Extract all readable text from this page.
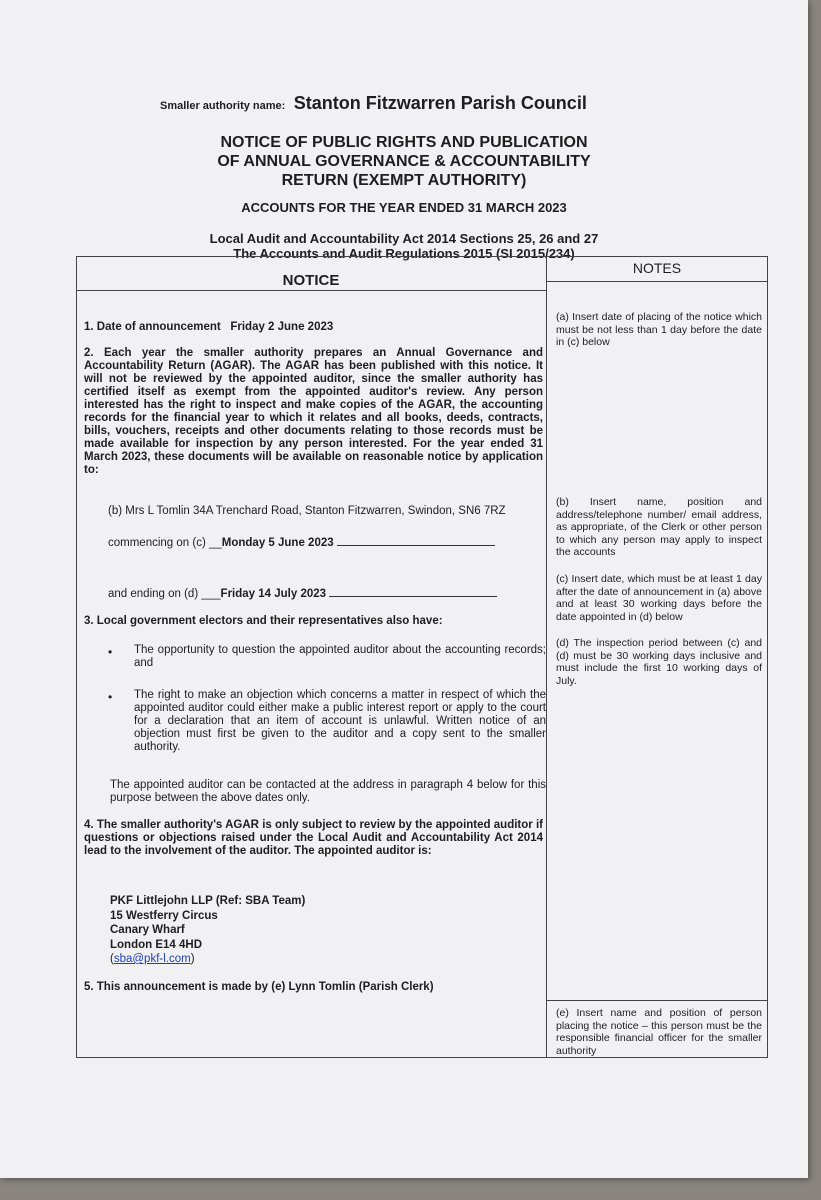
Smaller authority name: Stanton Fitzwarren Parish Council
NOTICE OF PUBLIC RIGHTS AND PUBLICATION
OF ANNUAL GOVERNANCE & ACCOUNTABILITY
RETURN (EXEMPT AUTHORITY)
ACCOUNTS FOR THE YEAR ENDED 31 MARCH 2023
Local Audit and Accountability Act 2014 Sections 25, 26 and 27
The Accounts and Audit Regulations 2015 (SI 2015/234)
NOTICE
NOTES
1. Date of announcement Friday 2 June 2023
2. Each year the smaller authority prepares an Annual Governance and Accountability Return (AGAR). The AGAR has been published with this notice. It will not be reviewed by the appointed auditor, since the smaller authority has certified itself as exempt from the appointed auditor's review. Any person interested has the right to inspect and make copies of the AGAR, the accounting records for the financial year to which it relates and all books, deeds, contracts, bills, vouchers, receipts and other documents relating to those records must be made available for inspection by any person interested. For the year ended 31 March 2023, these documents will be available on reasonable notice by application to:
(b) Mrs L Tomlin 34A Trenchard Road, Stanton Fitzwarren, Swindon, SN6 7RZ
commencing on (c) __Monday 5 June 2023
and ending on (d) ___Friday 14 July 2023
3. Local government electors and their representatives also have:
• The opportunity to question the appointed auditor about the accounting records; and
• The right to make an objection which concerns a matter in respect of which the appointed auditor could either make a public interest report or apply to the court for a declaration that an item of account is unlawful. Written notice of an objection must first be given to the auditor and a copy sent to the smaller authority.
The appointed auditor can be contacted at the address in paragraph 4 below for this purpose between the above dates only.
4. The smaller authority's AGAR is only subject to review by the appointed auditor if questions or objections raised under the Local Audit and Accountability Act 2014 lead to the involvement of the auditor. The appointed auditor is:
PKF Littlejohn LLP (Ref: SBA Team)
15 Westferry Circus
Canary Wharf
London E14 4HD
(sba@pkf-l.com)
5. This announcement is made by (e) Lynn Tomlin (Parish Clerk)
(a) Insert date of placing of the notice which must be not less than 1 day before the date in (c) below
(b) Insert name, position and address/telephone number/ email address, as appropriate, of the Clerk or other person to which any person may apply to inspect the accounts
(c) Insert date, which must be at least 1 day after the date of announcement in (a) above and at least 30 working days before the date appointed in (d) below
(d) The inspection period between (c) and (d) must be 30 working days inclusive and must include the first 10 working days of July.
(e) Insert name and position of person placing the notice – this person must be the responsible financial officer for the smaller authority
